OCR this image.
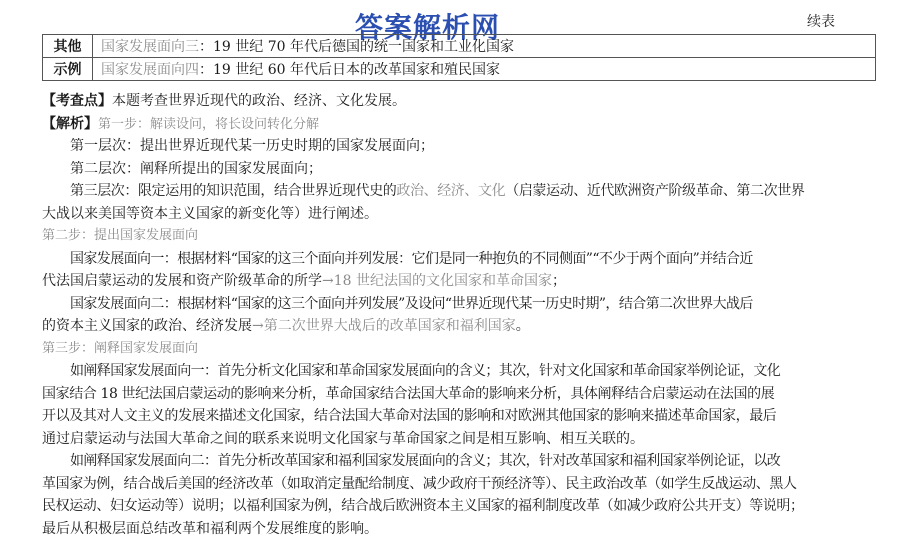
答案解析网	续表
其他	国家发展面向三：19 世纪 70 年代后德国的统一国家和工业化国家
示例	国家发展面向四：19 世纪 60 年代后日本的改革国家和殖民国家
【考查点】本题考查世界近现代的政治、经济、文化发展。
【解析】第一步：解读设问，将长设问转化分解
第一层次：提出世界近现代某一历史时期的国家发展面向；
第二层次：阐释所提出的国家发展面向；
第三层次：限定运用的知识范围，结合世界近现代史的政治、经济、文化（启蒙运动、近代欧洲资产阶级革命、第二次世界
大战以来美国等资本主义国家的新变化等）进行阐述。
第二步：提出国家发展面向
国家发展面向一：根据材料“国家的这三个面向并列发展：它们是同一种抱负的不同侧面”“不少于两个面向”并结合近
代法国启蒙运动的发展和资产阶级革命的所学→18 世纪法国的文化国家和革命国家；
国家发展面向二：根据材料“国家的这三个面向并列发展”及设问“世界近现代某一历史时期”，结合第二次世界大战后
的资本主义国家的政治、经济发展→第二次世界大战后的改革国家和福利国家。
第三步：阐释国家发展面向
如阐释国家发展面向一：首先分析文化国家和革命国家发展面向的含义；其次，针对文化国家和革命国家举例论证，文化
国家结合 18 世纪法国启蒙运动的影响来分析，革命国家结合法国大革命的影响来分析，具体阐释结合启蒙运动在法国的展
开以及其对人文主义的发展来描述文化国家，结合法国大革命对法国的影响和对欧洲其他国家的影响来描述革命国家，最后
通过启蒙运动与法国大革命之间的联系来说明文化国家与革命国家之间是相互影响、相互关联的。
如阐释国家发展面向二：首先分析改革国家和福利国家发展面向的含义；其次，针对改革国家和福利国家举例论证，以改
革国家为例，结合战后美国的经济改革（如取消定量配给制度、减少政府干预经济等）、民主政治改革（如学生反战运动、黑人
民权运动、妇女运动等）说明；以福利国家为例，结合战后欧洲资本主义国家的福利制度改革（如减少政府公共开支）等说明；
最后从积极层面总结改革和福利两个发展维度的影响。
